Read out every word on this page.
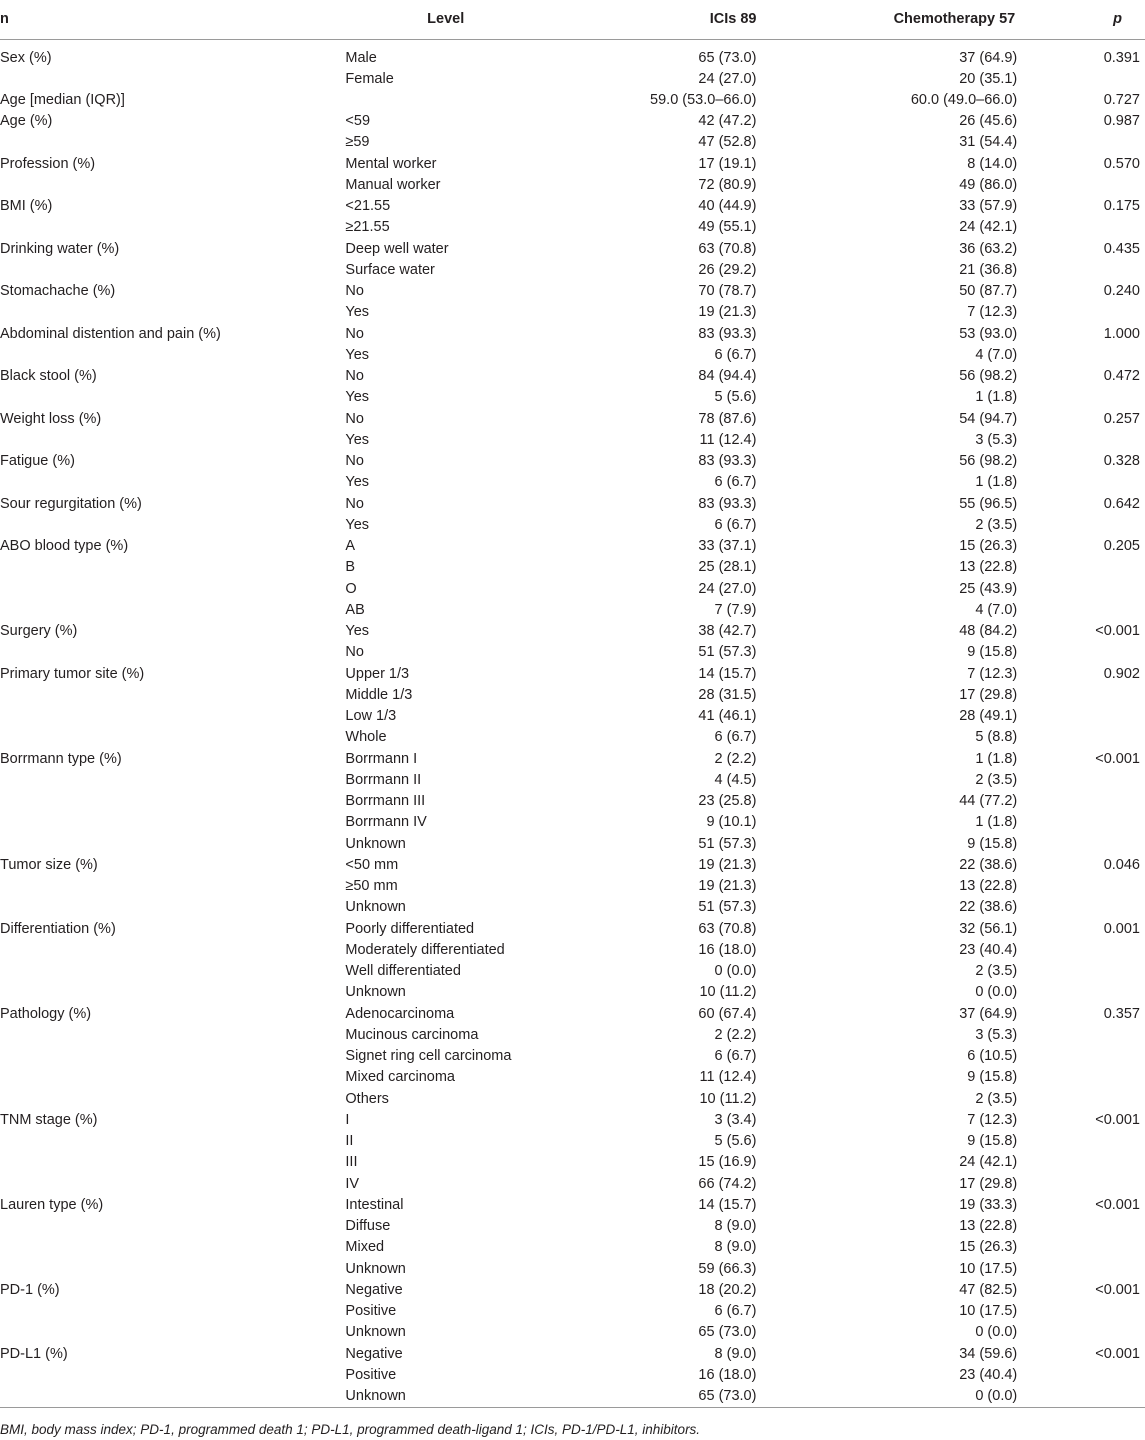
n	Level	ICIs 89	Chemotherapy 57	p
Sex (%)	Male	65 (73.0)	37 (64.9)	0.391
	Female	24 (27.0)	20 (35.1)	
Age [median (IQR)]		59.0 (53.0–66.0)	60.0 (49.0–66.0)	0.727
Age (%)	<59	42 (47.2)	26 (45.6)	0.987
	≥59	47 (52.8)	31 (54.4)	
Profession (%)	Mental worker	17 (19.1)	8 (14.0)	0.570
	Manual worker	72 (80.9)	49 (86.0)	
BMI (%)	<21.55	40 (44.9)	33 (57.9)	0.175
	≥21.55	49 (55.1)	24 (42.1)	
Drinking water (%)	Deep well water	63 (70.8)	36 (63.2)	0.435
	Surface water	26 (29.2)	21 (36.8)	
Stomachache (%)	No	70 (78.7)	50 (87.7)	0.240
	Yes	19 (21.3)	7 (12.3)	
Abdominal distention and pain (%)	No	83 (93.3)	53 (93.0)	1.000
	Yes	6 (6.7)	4 (7.0)	
Black stool (%)	No	84 (94.4)	56 (98.2)	0.472
	Yes	5 (5.6)	1 (1.8)	
Weight loss (%)	No	78 (87.6)	54 (94.7)	0.257
	Yes	11 (12.4)	3 (5.3)	
Fatigue (%)	No	83 (93.3)	56 (98.2)	0.328
	Yes	6 (6.7)	1 (1.8)	
Sour regurgitation (%)	No	83 (93.3)	55 (96.5)	0.642
	Yes	6 (6.7)	2 (3.5)	
ABO blood type (%)	A	33 (37.1)	15 (26.3)	0.205
	B	25 (28.1)	13 (22.8)	
	O	24 (27.0)	25 (43.9)	
	AB	7 (7.9)	4 (7.0)	
Surgery (%)	Yes	38 (42.7)	48 (84.2)	<0.001
	No	51 (57.3)	9 (15.8)	
Primary tumor site (%)	Upper 1/3	14 (15.7)	7 (12.3)	0.902
	Middle 1/3	28 (31.5)	17 (29.8)	
	Low 1/3	41 (46.1)	28 (49.1)	
	Whole	6 (6.7)	5 (8.8)	
Borrmann type (%)	Borrmann I	2 (2.2)	1 (1.8)	<0.001
	Borrmann II	4 (4.5)	2 (3.5)	
	Borrmann III	23 (25.8)	44 (77.2)	
	Borrmann IV	9 (10.1)	1 (1.8)	
	Unknown	51 (57.3)	9 (15.8)	
Tumor size (%)	<50 mm	19 (21.3)	22 (38.6)	0.046
	≥50 mm	19 (21.3)	13 (22.8)	
	Unknown	51 (57.3)	22 (38.6)	
Differentiation (%)	Poorly differentiated	63 (70.8)	32 (56.1)	0.001
	Moderately differentiated	16 (18.0)	23 (40.4)	
	Well differentiated	0 (0.0)	2 (3.5)	
	Unknown	10 (11.2)	0 (0.0)	
Pathology (%)	Adenocarcinoma	60 (67.4)	37 (64.9)	0.357
	Mucinous carcinoma	2 (2.2)	3 (5.3)	
	Signet ring cell carcinoma	6 (6.7)	6 (10.5)	
	Mixed carcinoma	11 (12.4)	9 (15.8)	
	Others	10 (11.2)	2 (3.5)	
TNM stage (%)	I	3 (3.4)	7 (12.3)	<0.001
	II	5 (5.6)	9 (15.8)	
	III	15 (16.9)	24 (42.1)	
	IV	66 (74.2)	17 (29.8)	
Lauren type (%)	Intestinal	14 (15.7)	19 (33.3)	<0.001
	Diffuse	8 (9.0)	13 (22.8)	
	Mixed	8 (9.0)	15 (26.3)	
	Unknown	59 (66.3)	10 (17.5)	
PD-1 (%)	Negative	18 (20.2)	47 (82.5)	<0.001
	Positive	6 (6.7)	10 (17.5)	
	Unknown	65 (73.0)	0 (0.0)	
PD-L1 (%)	Negative	8 (9.0)	34 (59.6)	<0.001
	Positive	16 (18.0)	23 (40.4)	
	Unknown	65 (73.0)	0 (0.0)	
BMI, body mass index; PD-1, programmed death 1; PD-L1, programmed death-ligand 1; ICIs, PD-1/PD-L1, inhibitors.
